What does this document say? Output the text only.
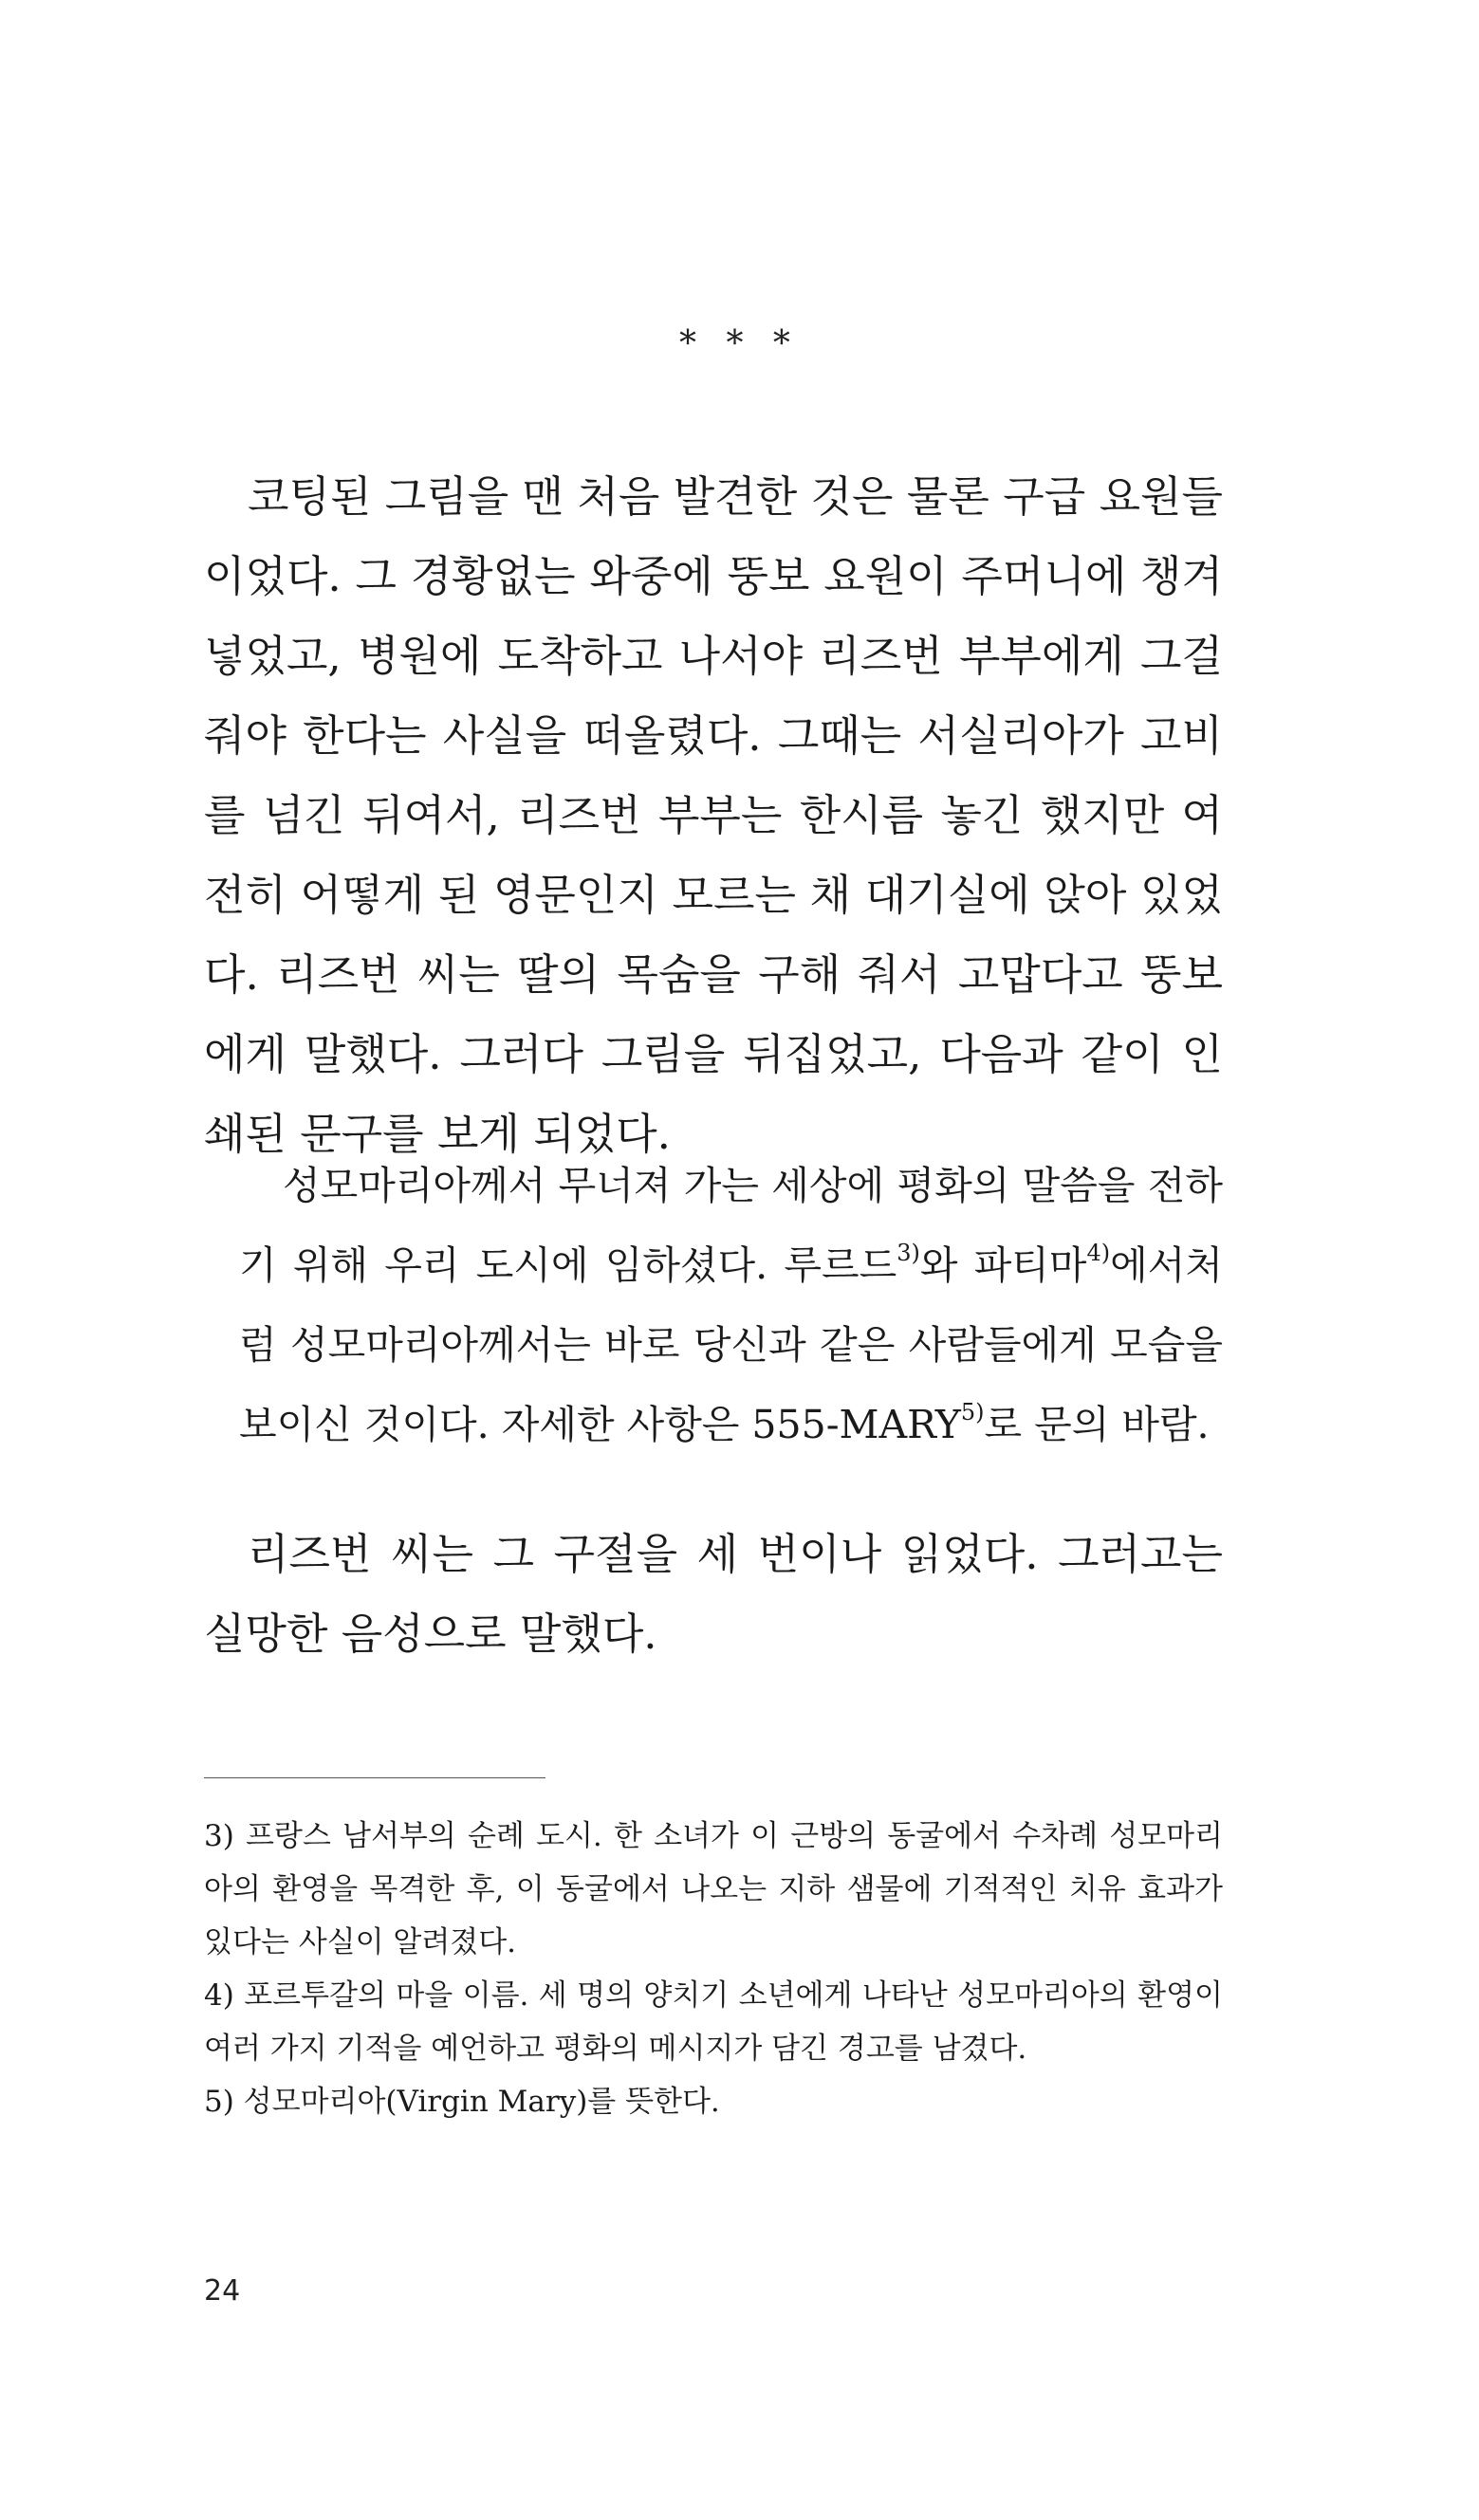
* * *

코팅된 그림을 맨 처음 발견한 것은 물론 구급 요원들이었다. 그 경황없는 와중에 뚱보 요원이 주머니에 챙겨 넣었고, 병원에 도착하고 나서야 리즈번 부부에게 그걸 줘야 한다는 사실을 떠올렸다. 그때는 서실리아가 고비를 넘긴 뒤여서, 리즈번 부부는 한시름 놓긴 했지만 여전히 어떻게 된 영문인지 모르는 채 대기실에 앉아 있었다. 리즈번 씨는 딸의 목숨을 구해 줘서 고맙다고 뚱보에게 말했다. 그러다 그림을 뒤집었고, 다음과 같이 인쇄된 문구를 보게 되었다.

성모마리아께서 무너져 가는 세상에 평화의 말씀을 전하기 위해 우리 도시에 임하셨다. 루르드$^{3)}$와 파티마$^{4)}$에서처럼 성모마리아께서는 바로 당신과 같은 사람들에게 모습을 보이신 것이다. 자세한 사항은 555-MARY$^{5)}$로 문의 바람.

리즈번 씨는 그 구절을 세 번이나 읽었다. 그러고는 실망한 음성으로 말했다.

3) 프랑스 남서부의 순례 도시. 한 소녀가 이 근방의 동굴에서 수차례 성모마리아의 환영을 목격한 후, 이 동굴에서 나오는 지하 샘물에 기적적인 치유 효과가 있다는 사실이 알려졌다.

4) 포르투갈의 마을 이름. 세 명의 양치기 소년에게 나타난 성모마리아의 환영이 여러 가지 기적을 예언하고 평화의 메시지가 담긴 경고를 남겼다.

5) 성모마리아(Virgin Mary)를 뜻한다.

24
